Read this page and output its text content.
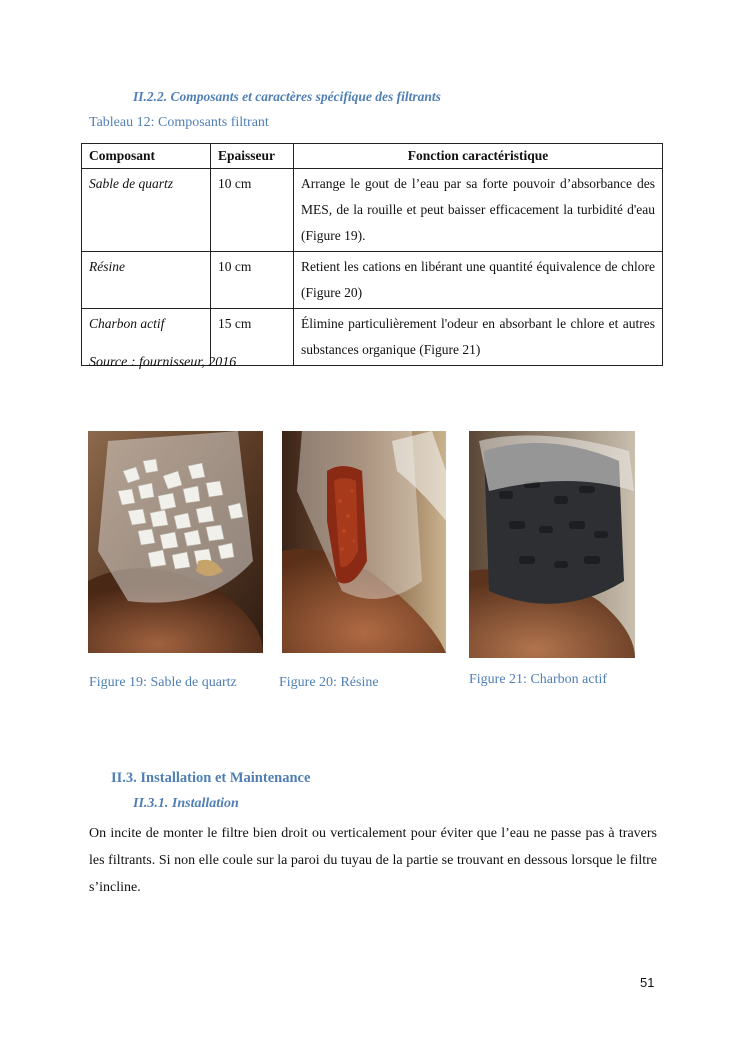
II.2.2. Composants et caractères spécifique des filtrants
Tableau 12: Composants filtrant
Composant	Epaisseur	Fonction caractéristique
Sable de quartz	10 cm	Arrange le gout de l’eau par sa forte pouvoir d’absorbance des MES, de la rouille et peut baisser efficacement la turbidité d'eau (Figure 19).
Résine	10 cm	Retient les cations en libérant une quantité équivalence de chlore (Figure 20)
Charbon actif	15 cm	Élimine particulièrement l'odeur en absorbant le chlore et autres substances organique (Figure 21)
Source : fournisseur, 2016
Figure 19: Sable de quartz	Figure 20: Résine	Figure 21: Charbon actif
II.3. Installation et Maintenance
II.3.1. Installation
On incite de monter le filtre bien droit ou verticalement pour éviter que l’eau ne passe pas à travers les filtrants. Si non elle coule sur la paroi du tuyau de la partie se trouvant en dessous lorsque le filtre s’incline.
51
